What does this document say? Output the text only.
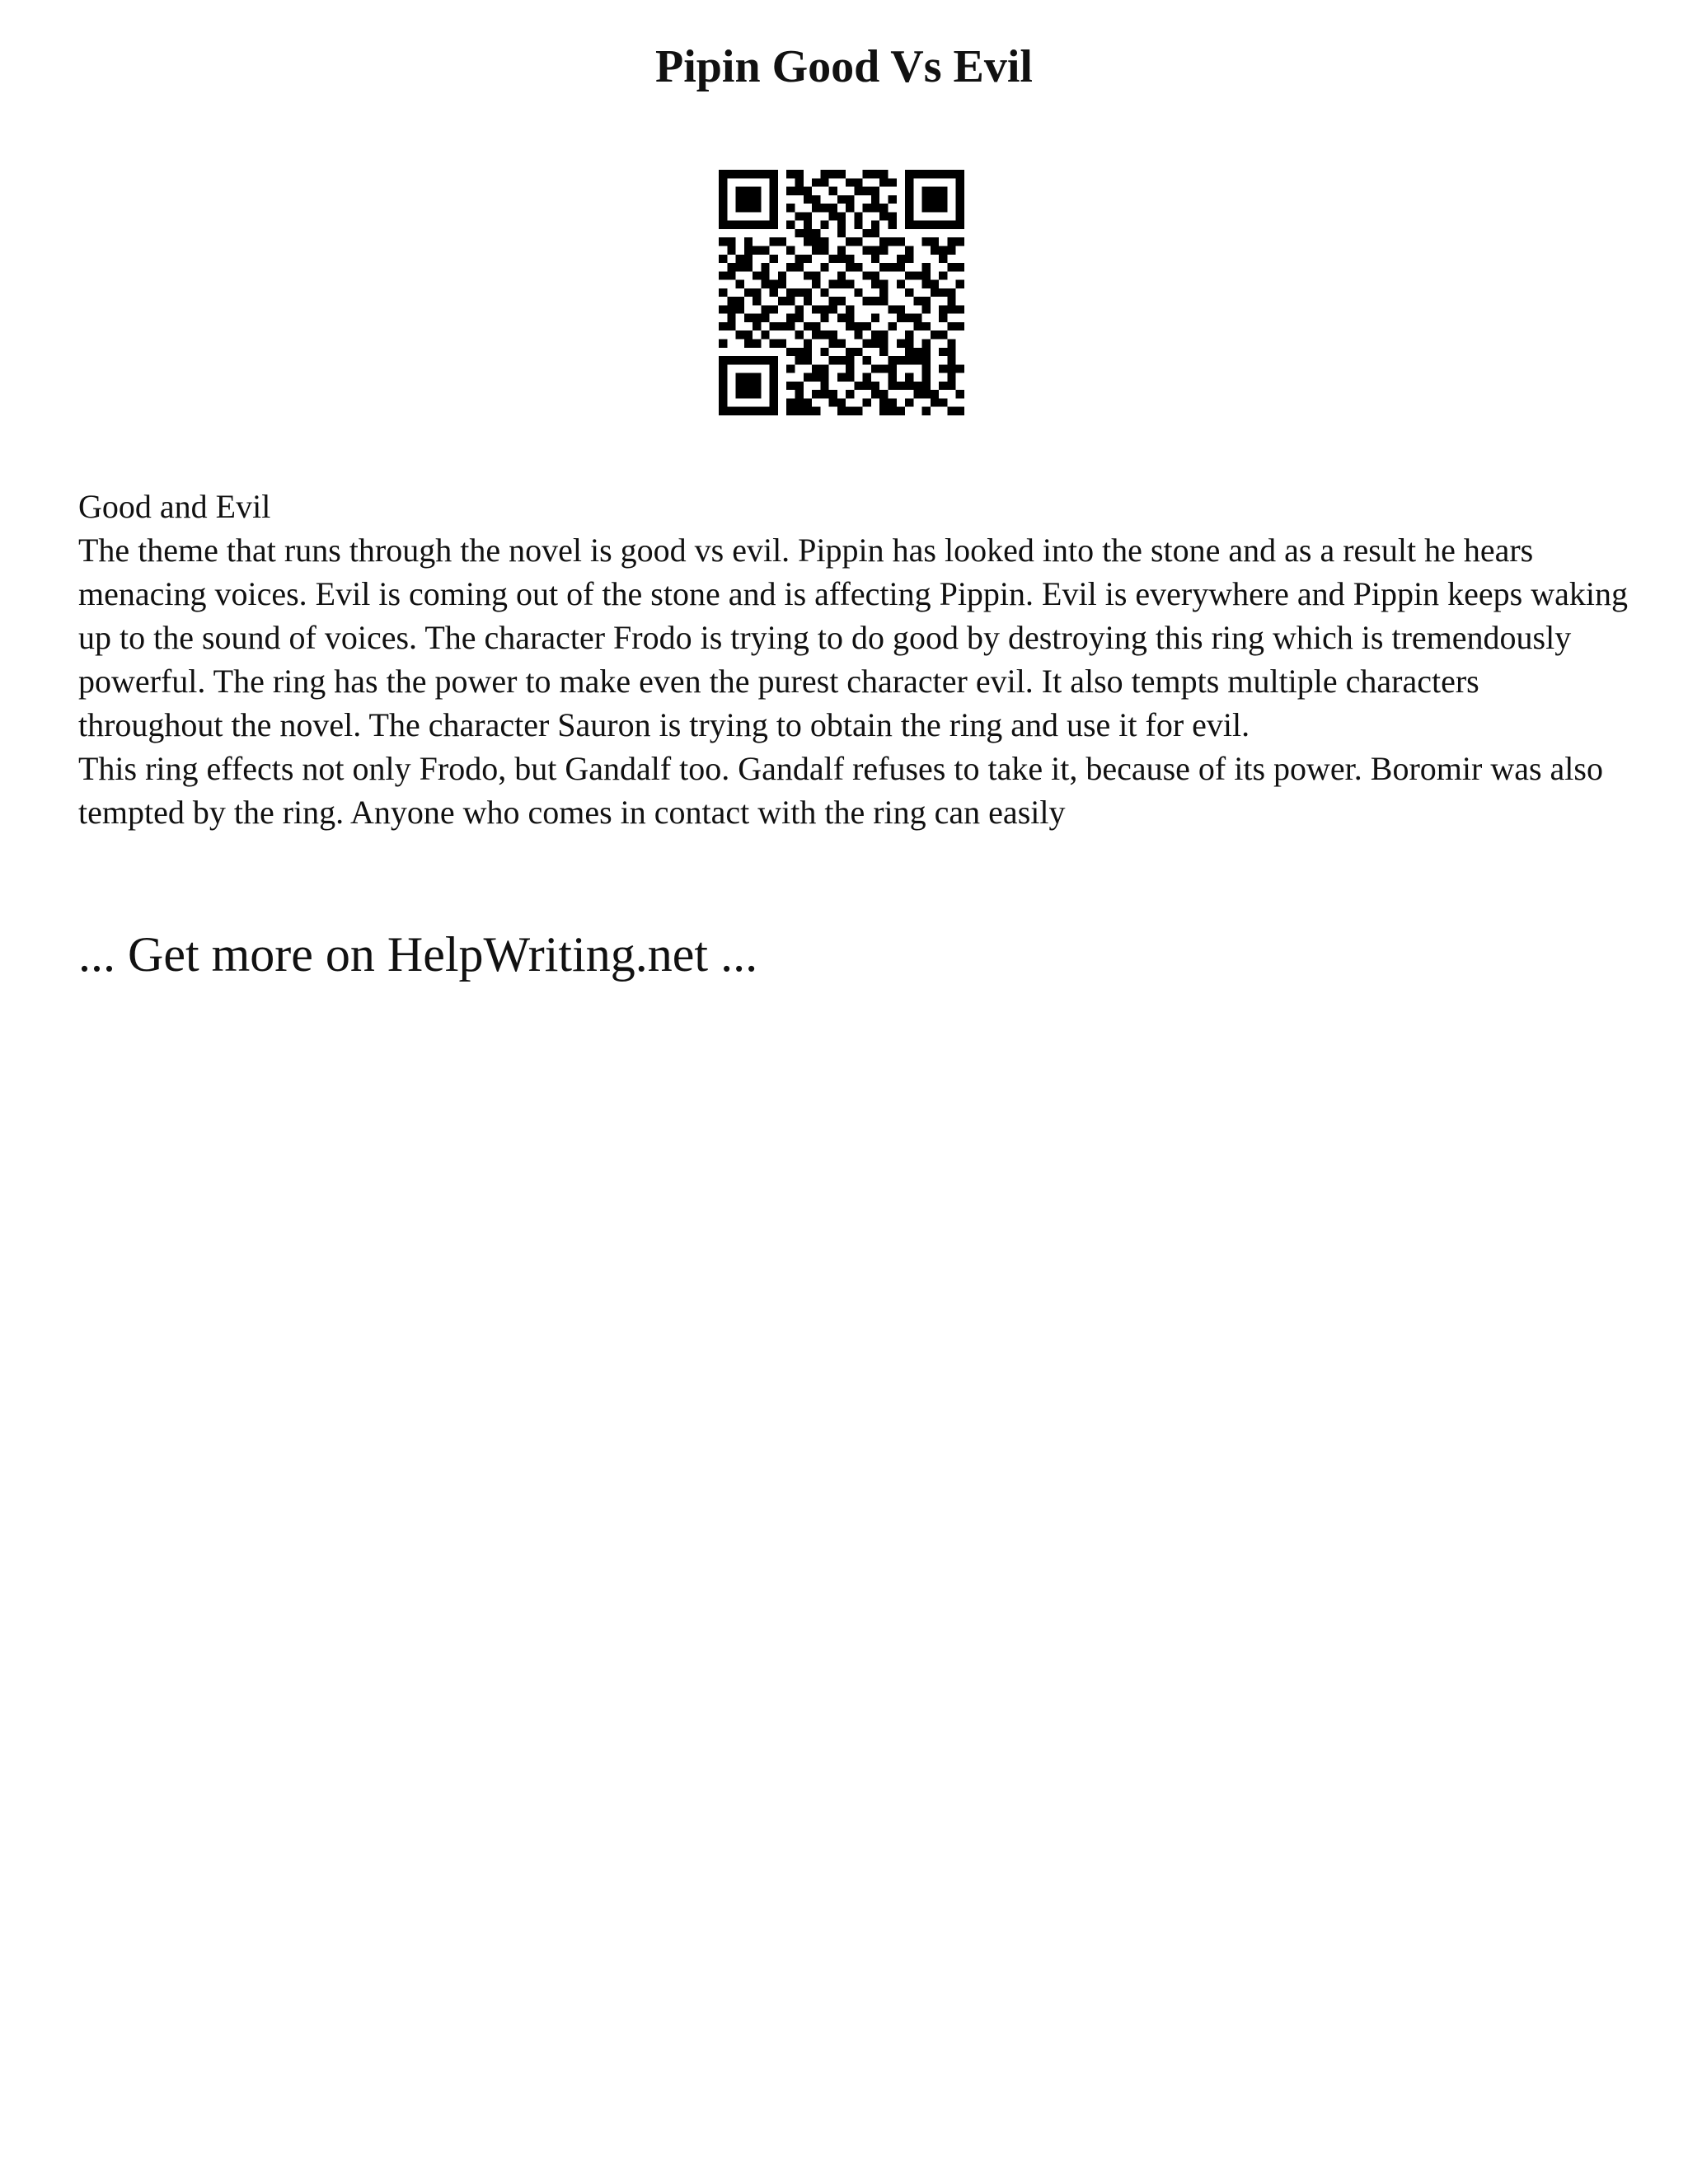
Pipin Good Vs Evil

Good and Evil

The theme that runs through the novel is good vs evil. Pippin has looked into the stone and as a result he hears menacing voices. Evil is coming out of the stone and is affecting Pippin. Evil is everywhere and Pippin keeps waking up to the sound of voices. The character Frodo is trying to do good by destroying this ring which is tremendously powerful. The ring has the power to make even the purest character evil. It also tempts multiple characters throughout the novel. The character Sauron is trying to obtain the ring and use it for evil.

This ring effects not only Frodo, but Gandalf too. Gandalf refuses to take it, because of its power. Boromir was also tempted by the ring. Anyone who comes in contact with the ring can easily

... Get more on HelpWriting.net ...
